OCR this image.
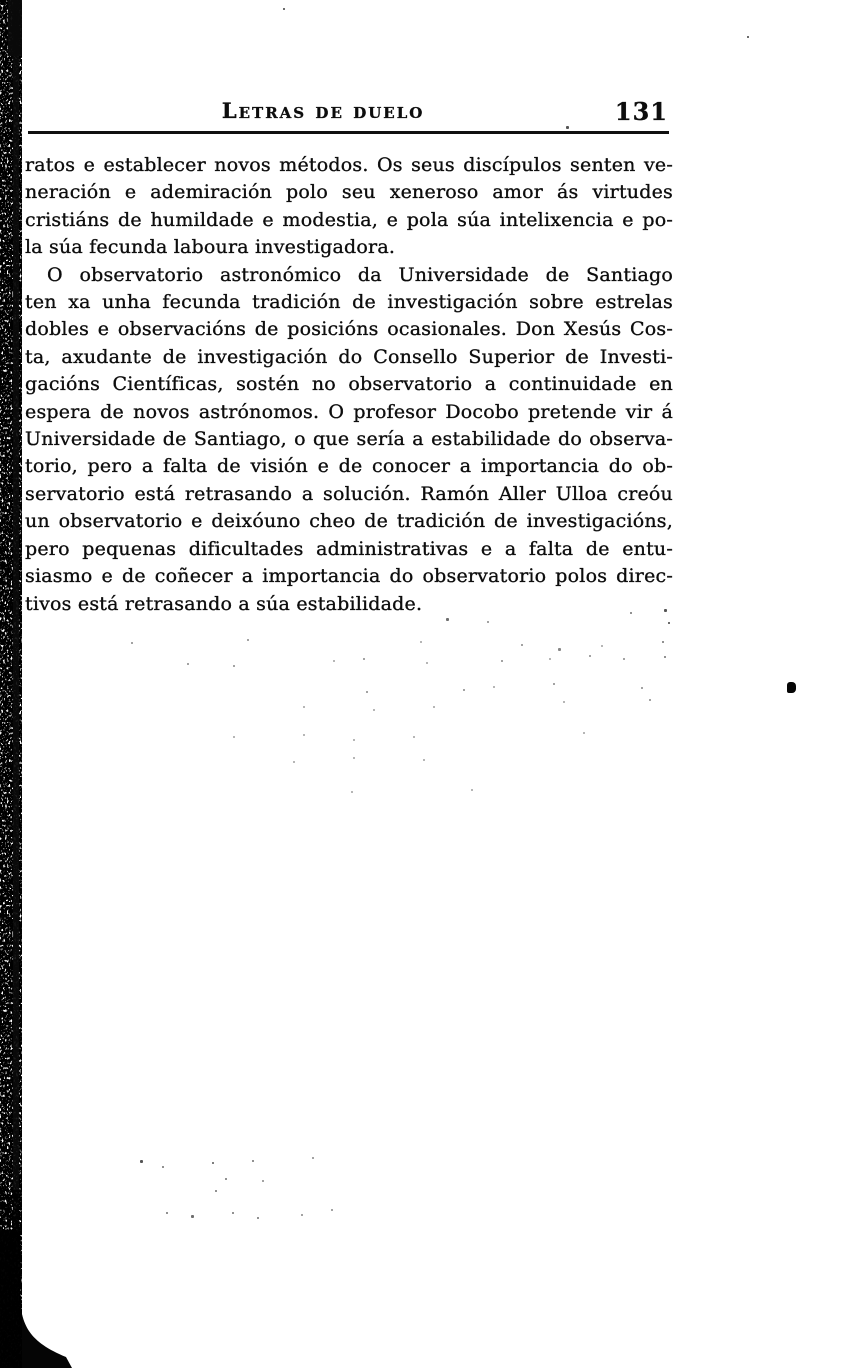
Letras de duelo	131
ratos e establecer novos métodos. Os seus discípulos senten ve-
neración e ademiración polo seu xeneroso amor ás virtudes
cristiáns de humildade e modestia, e pola súa intelixencia e po-
la súa fecunda laboura investigadora.
O observatorio astronómico da Universidade de Santiago
ten xa unha fecunda tradición de investigación sobre estrelas
dobles e observacións de posicións ocasionales. Don Xesús Cos-
ta, axudante de investigación do Consello Superior de Investi-
gacións Científicas, sostén no observatorio a continuidade en
espera de novos astrónomos. O profesor Docobo pretende vir á
Universidade de Santiago, o que sería a estabilidade do observa-
torio, pero a falta de visión e de conocer a importancia do ob-
servatorio está retrasando a solución. Ramón Aller Ulloa creóu
un observatorio e deixóuno cheo de tradición de investigacións,
pero pequenas dificultades administrativas e a falta de entu-
siasmo e de coñecer a importancia do observatorio polos direc-
tivos está retrasando a súa estabilidade.
